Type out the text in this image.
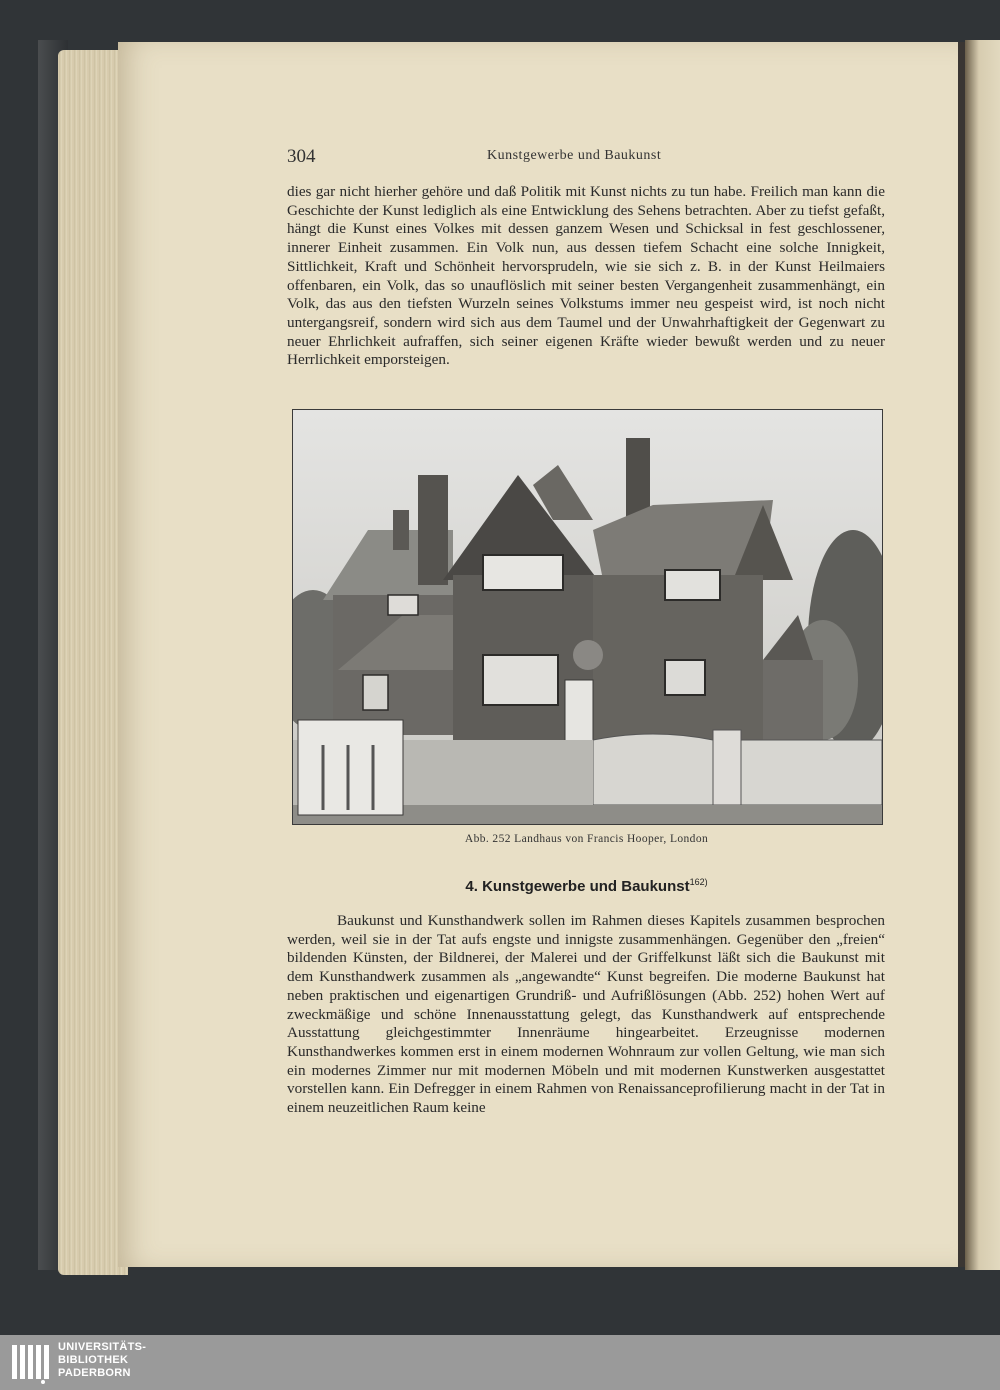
304	Kunstgewerbe und Baukunst

dies gar nicht hierher gehöre und daß Politik mit Kunst nichts zu tun habe. Freilich man kann die Geschichte der Kunst lediglich als eine Entwicklung des Sehens betrachten. Aber zu tiefst gefaßt, hängt die Kunst eines Volkes mit dessen ganzem Wesen und Schicksal in fest geschlossener, innerer Einheit zusammen. Ein Volk nun, aus dessen tiefem Schacht eine solche Innigkeit, Sittlichkeit, Kraft und Schönheit hervorsprudeln, wie sie sich z. B. in der Kunst Heilmaiers offenbaren, ein Volk, das so unauflöslich mit seiner besten Vergangenheit zusammenhängt, ein Volk, das aus den tiefsten Wurzeln seines Volkstums immer neu gespeist wird, ist noch nicht untergangsreif, sondern wird sich aus dem Taumel und der Unwahrhaftigkeit der Gegenwart zu neuer Ehrlichkeit aufraffen, sich seiner eigenen Kräfte wieder bewußt werden und zu neuer Herrlichkeit emporsteigen.

Abb. 252 Landhaus von Francis Hooper, London
4. Kunstgewerbe und Baukunst$^{162)}$

Baukunst und Kunsthandwerk sollen im Rahmen dieses Kapitels zusammen besprochen werden, weil sie in der Tat aufs engste und innigste zusammenhängen. Gegenüber den „freien“ bildenden Künsten, der Bildnerei, der Malerei und der Griffelkunst läßt sich die Baukunst mit dem Kunsthandwerk zusammen als „angewandte“ Kunst begreifen. Die moderne Baukunst hat neben praktischen und eigenartigen Grundriß- und Aufrißlösungen (Abb. 252) hohen Wert auf zweckmäßige und schöne Innenausstattung gelegt, das Kunsthandwerk auf entsprechende Ausstattung gleichgestimmter Innenräume hingearbeitet. Erzeugnisse modernen Kunsthandwerkes kommen erst in einem modernen Wohnraum zur vollen Geltung, wie man sich ein modernes Zimmer nur mit modernen Möbeln und mit modernen Kunstwerken ausgestattet vorstellen kann. Ein Defregger in einem Rahmen von Renaissanceprofilierung macht in der Tat in einem neuzeitlichen Raum keine

UNIVERSITÄTS-
BIBLIOTHEK
PADERBORN
